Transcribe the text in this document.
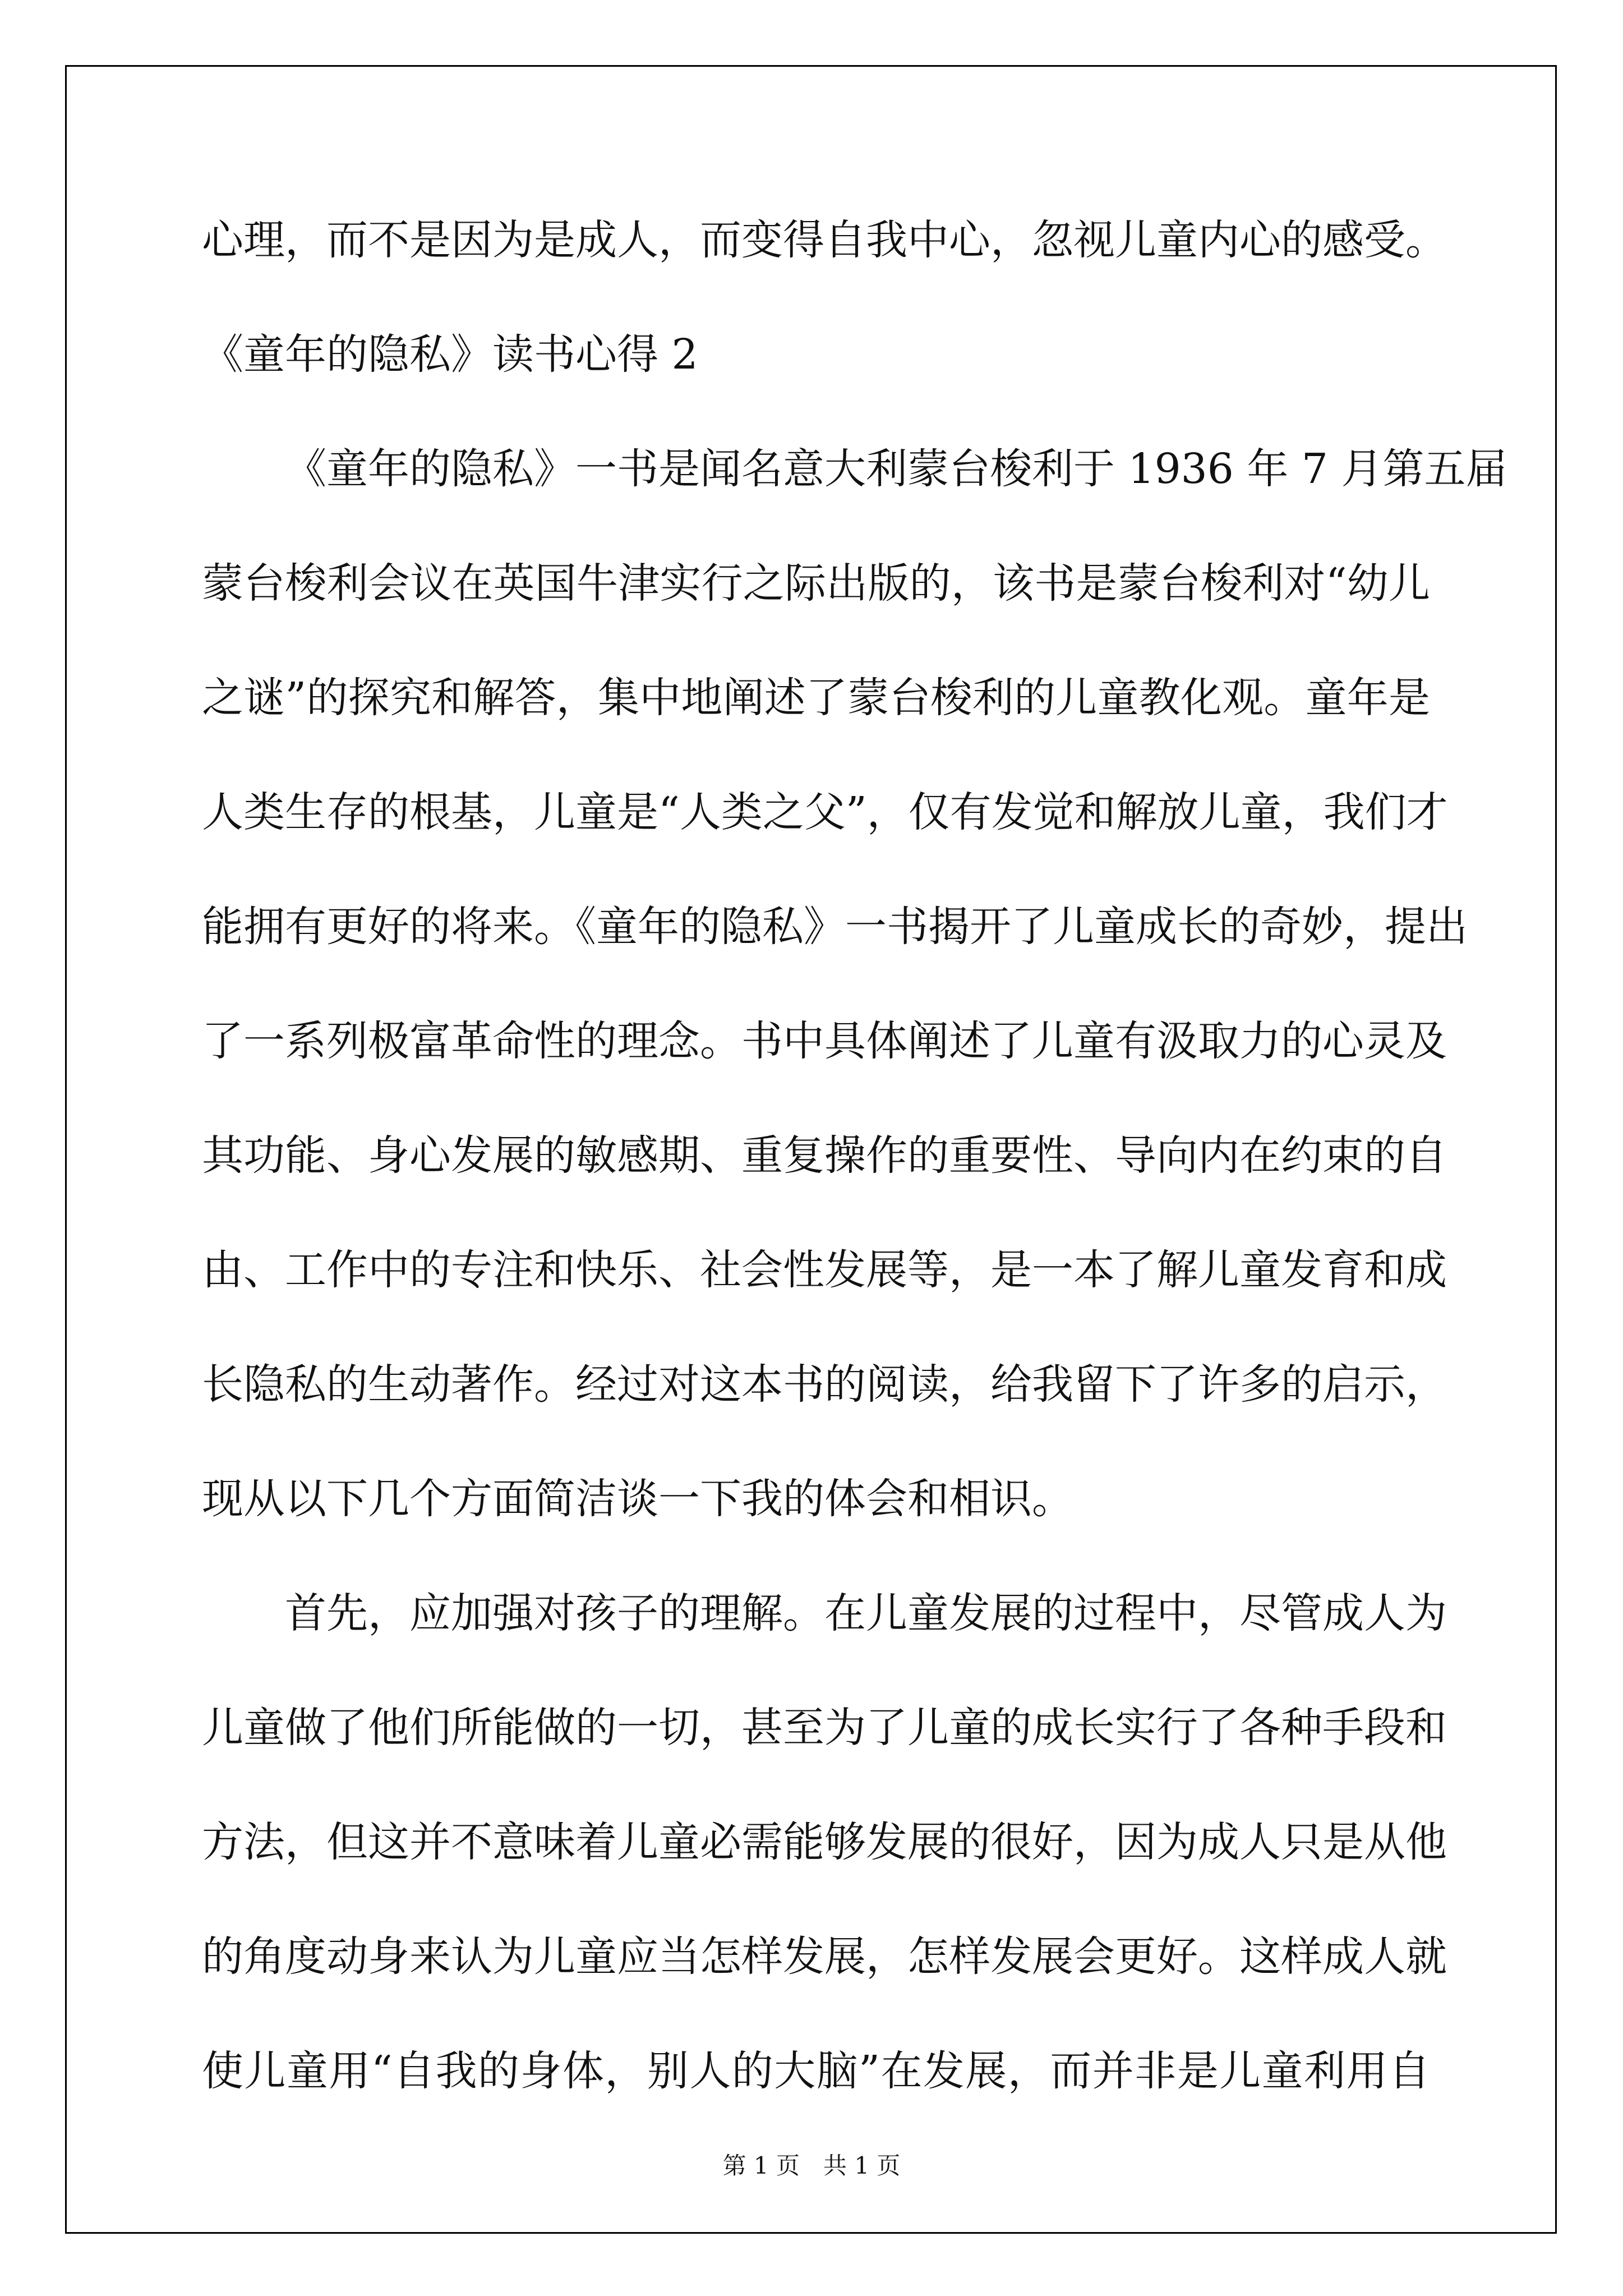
心理，而不是因为是成人，而变得自我中心，忽视儿童内心的感受。
《童年的隐私》读书心得 2
《童年的隐私》一书是闻名意大利蒙台梭利于 1936 年 7 月第五届
蒙台梭利会议在英国牛津实行之际出版的，该书是蒙台梭利对“幼儿
之谜”的探究和解答，集中地阐述了蒙台梭利的儿童教化观。童年是
人类生存的根基，儿童是“人类之父”，仅有发觉和解放儿童，我们才
能拥有更好的将来。《童年的隐私》一书揭开了儿童成长的奇妙，提出
了一系列极富革命性的理念。书中具体阐述了儿童有汲取力的心灵及
其功能、身心发展的敏感期、重复操作的重要性、导向内在约束的自
由、工作中的专注和快乐、社会性发展等，是一本了解儿童发育和成
长隐私的生动著作。经过对这本书的阅读，给我留下了许多的启示，
现从以下几个方面简洁谈一下我的体会和相识。
首先，应加强对孩子的理解。在儿童发展的过程中，尽管成人为
儿童做了他们所能做的一切，甚至为了儿童的成长实行了各种手段和
方法，但这并不意味着儿童必需能够发展的很好，因为成人只是从他
的角度动身来认为儿童应当怎样发展，怎样发展会更好。这样成人就
使儿童用“自我的身体，别人的大脑”在发展，而并非是儿童利用自
第 1 页　共 1 页
